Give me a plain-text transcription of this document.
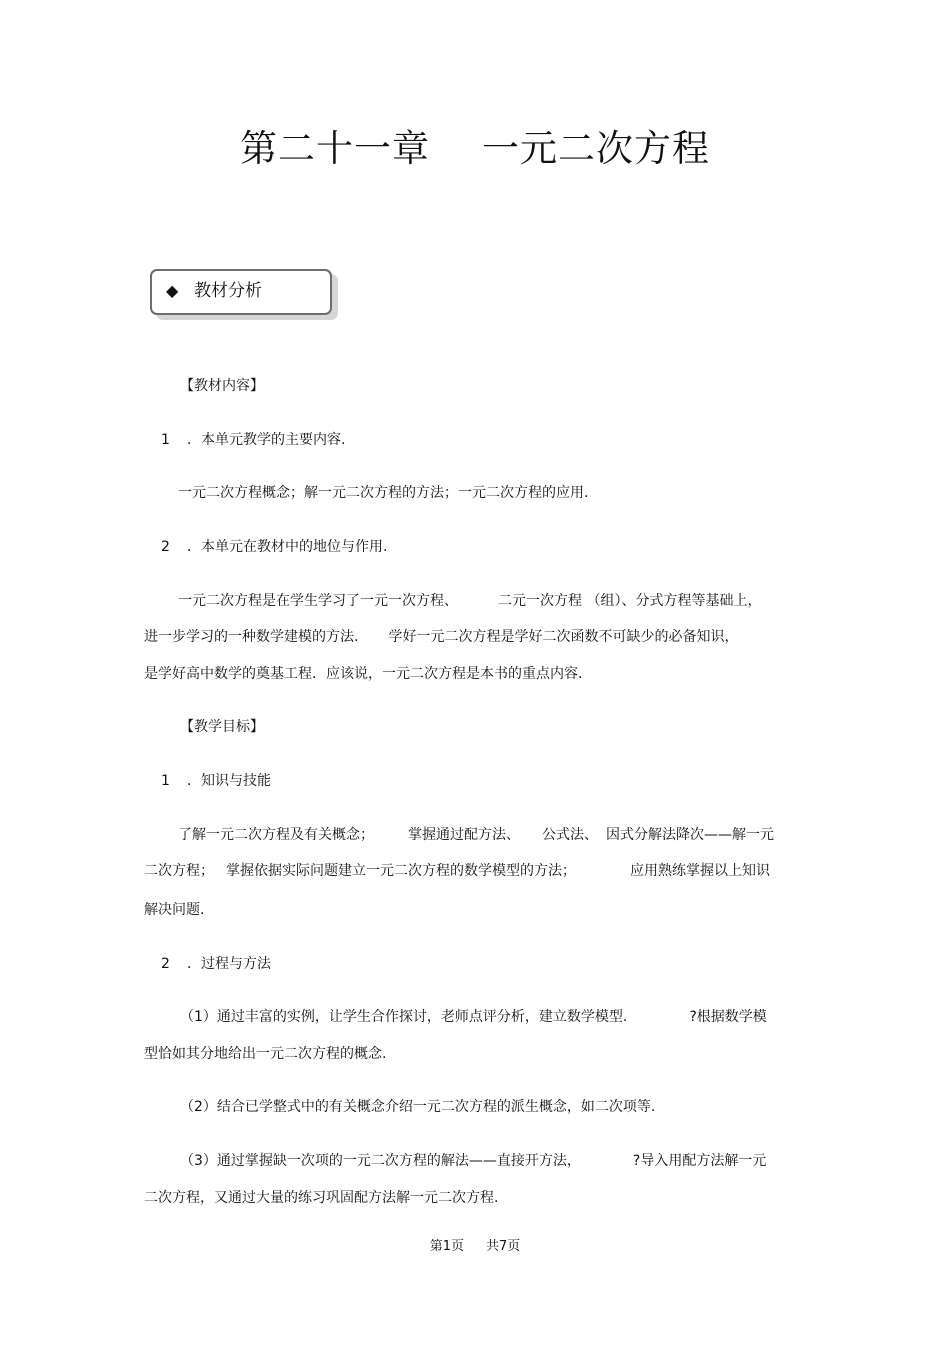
第二十一章 一元二次方程
◆ 教材分析
【教材内容】
1 ．本单元教学的主要内容.
一元二次方程概念；解一元二次方程的方法；一元二次方程的应用.
2 ．本单元在教材中的地位与作用.
一元二次方程是在学生学习了一元一次方程、	二元一次方程 （组）、分式方程等基础上，
进一步学习的一种数学建模的方法. 学好一元二次方程是学好二次函数不可缺少的必备知识，
是学好高中数学的奠基工程．应该说，一元二次方程是本书的重点内容.
【教学目标】
1 ．知识与技能
了解一元二次方程及有关概念； 掌握通过配方法、 公式法、 因式分解法降次——解一元
二次方程； 掌握依据实际问题建立一元二次方程的数学模型的方法；	应用熟练掌握以上知识
解决问题.
2 ．过程与方法
（1）通过丰富的实例，让学生合作探讨，老师点评分析，建立数学模型.	?根据数学模
型恰如其分地给出一元二次方程的概念.
（2）结合已学整式中的有关概念介绍一元二次方程的派生概念，如二次项等.
（3）通过掌握缺一次项的一元二次方程的解法——直接开方法，	?导入用配方法解一元
二次方程，又通过大量的练习巩固配方法解一元二次方程.
第1页 共7页
